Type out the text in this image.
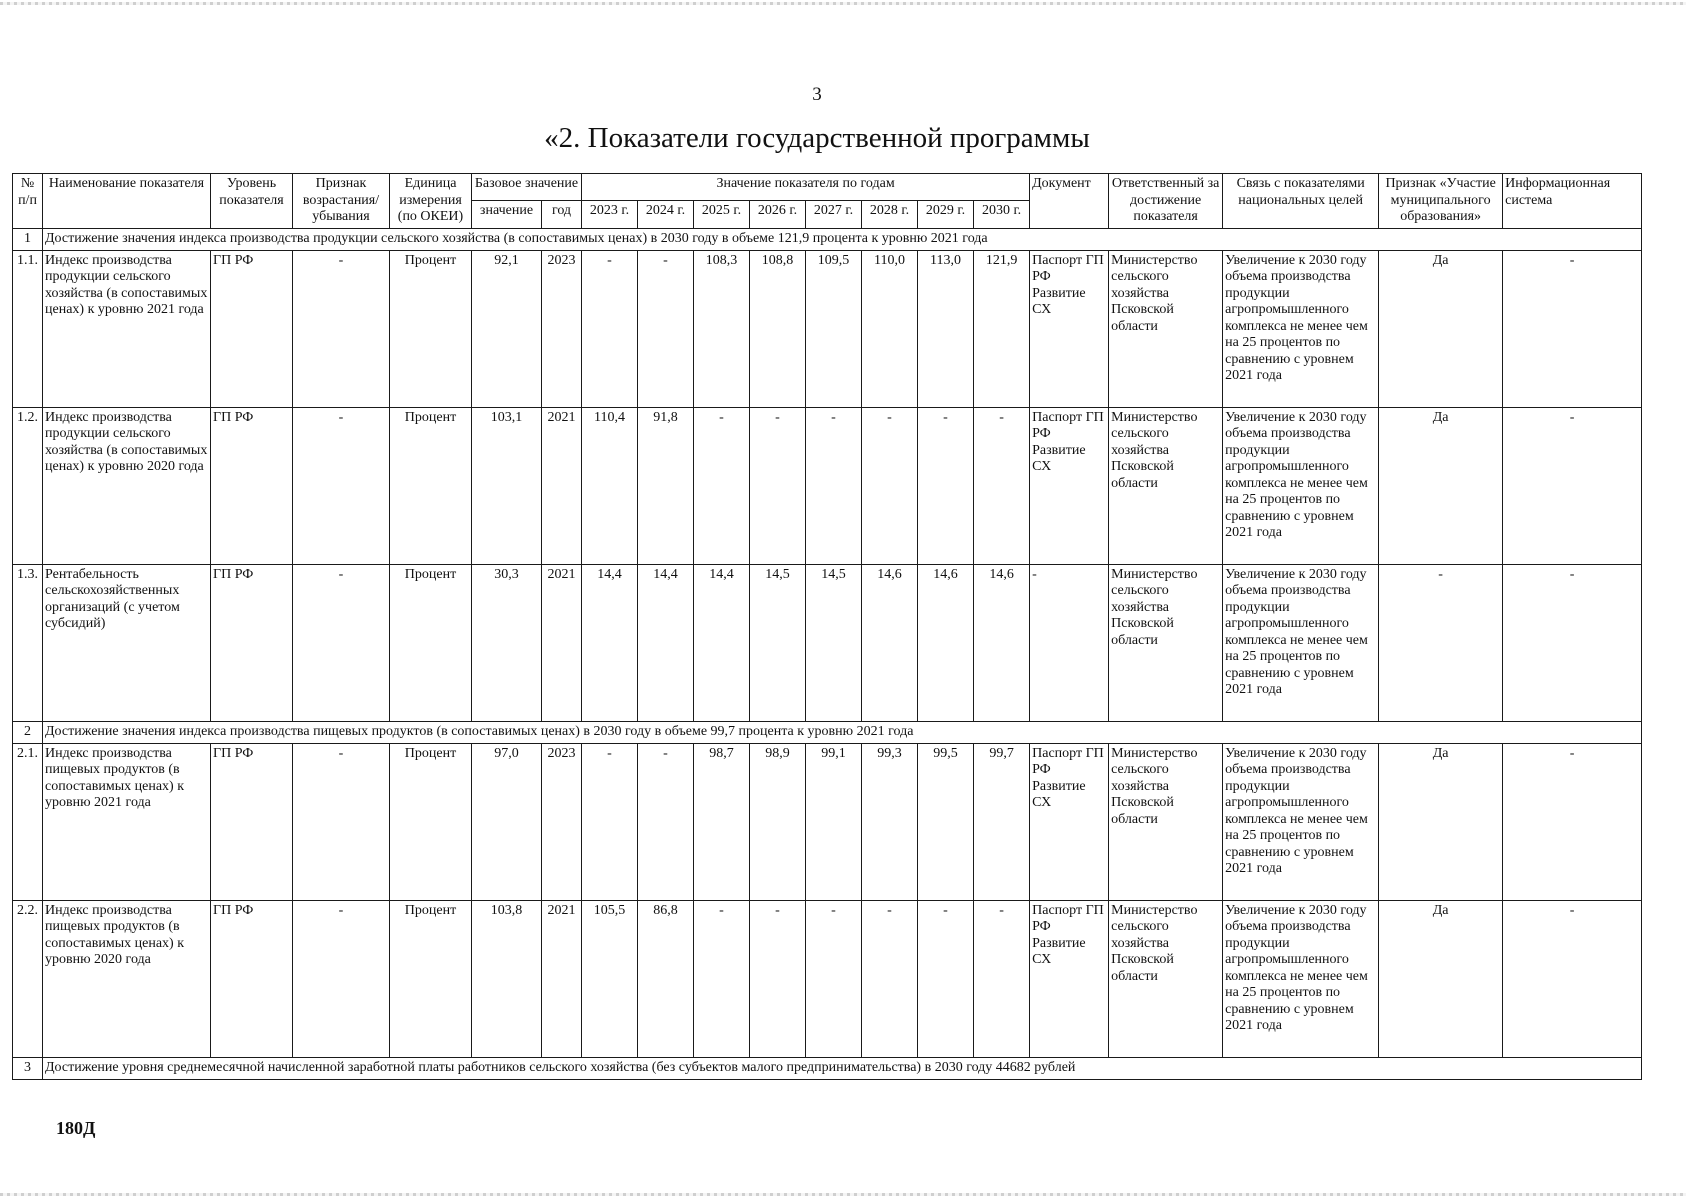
3
«2. Показатели государственной программы
№ п/п	Наименование показателя	Уровень показателя	Признак возрастания/ убывания	Единица измерения (по ОКЕИ)	Базовое значение		Значение показателя по годам								Документ	Ответственный за достижение показателя	Связь с показателями национальных целей	Признак «Участие муниципального образования»	Информационная система
					значение	год	2023 г.	2024 г.	2025 г.	2026 г.	2027 г.	2028 г.	2029 г.	2030 г.					
1	Достижение значения индекса производства продукции сельского хозяйства (в сопоставимых ценах) в 2030 году в объеме 121,9 процента к уровню 2021 года																		
1.1.	Индекс производства продукции сельского хозяйства (в сопоставимых ценах) к уровню 2021 года	ГП РФ	-	Процент	92,1	2023	-	-	108,3	108,8	109,5	110,0	113,0	121,9	Паспорт ГП РФ Развитие СХ	Министерство сельского хозяйства Псковской области	Увеличение к 2030 году объема производства продукции агропромышленного комплекса не менее чем на 25 процентов по сравнению с уровнем 2021 года	Да	-
1.2.	Индекс производства продукции сельского хозяйства (в сопоставимых ценах) к уровню 2020 года	ГП РФ	-	Процент	103,1	2021	110,4	91,8	-	-	-	-	-	-	Паспорт ГП РФ Развитие СХ	Министерство сельского хозяйства Псковской области	Увеличение к 2030 году объема производства продукции агропромышленного комплекса не менее чем на 25 процентов по сравнению с уровнем 2021 года	Да	-
1.3.	Рентабельность сельскохозяйственных организаций (с учетом субсидий)	ГП РФ	-	Процент	30,3	2021	14,4	14,4	14,4	14,5	14,5	14,6	14,6	14,6	-	Министерство сельского хозяйства Псковской области	Увеличение к 2030 году объема производства продукции агропромышленного комплекса не менее чем на 25 процентов по сравнению с уровнем 2021 года	-	-
2	Достижение значения индекса производства пищевых продуктов (в сопоставимых ценах) в 2030 году в объеме 99,7 процента к уровню 2021 года																		
2.1.	Индекс производства пищевых продуктов (в сопоставимых ценах) к уровню 2021 года	ГП РФ	-	Процент	97,0	2023	-	-	98,7	98,9	99,1	99,3	99,5	99,7	Паспорт ГП РФ Развитие СХ	Министерство сельского хозяйства Псковской области	Увеличение к 2030 году объема производства продукции агропромышленного комплекса не менее чем на 25 процентов по сравнению с уровнем 2021 года	Да	-
2.2.	Индекс производства пищевых продуктов (в сопоставимых ценах) к уровню 2020 года	ГП РФ	-	Процент	103,8	2021	105,5	86,8	-	-	-	-	-	-	Паспорт ГП РФ Развитие СХ	Министерство сельского хозяйства Псковской области	Увеличение к 2030 году объема производства продукции агропромышленного комплекса не менее чем на 25 процентов по сравнению с уровнем 2021 года	Да	-
3	Достижение уровня среднемесячной начисленной заработной платы работников сельского хозяйства (без субъектов малого предпринимательства) в 2030 году 44682 рублей																		
180Д
